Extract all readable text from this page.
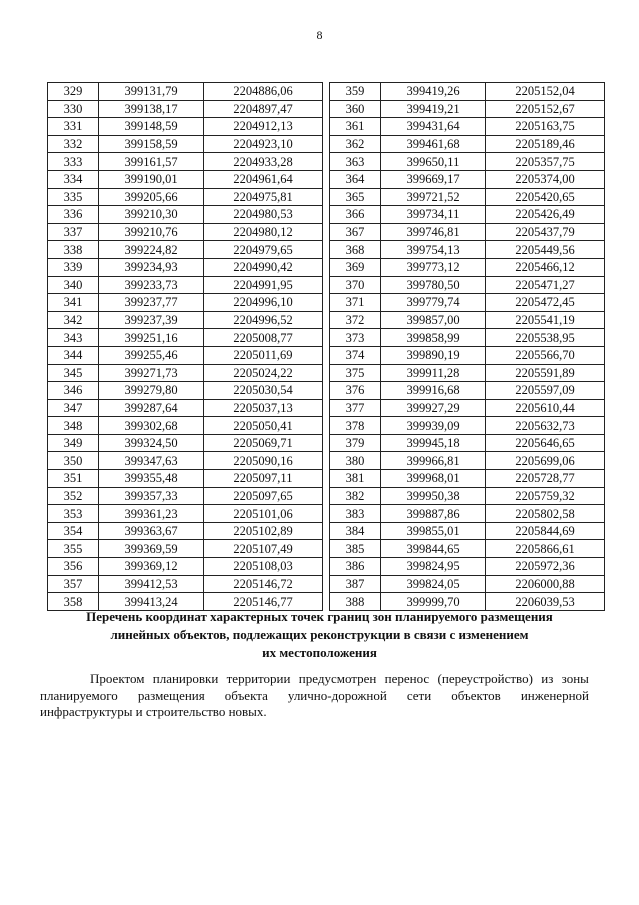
8
329	399131,79	2204886,06
330	399138,17	2204897,47
331	399148,59	2204912,13
332	399158,59	2204923,10
333	399161,57	2204933,28
334	399190,01	2204961,64
335	399205,66	2204975,81
336	399210,30	2204980,53
337	399210,76	2204980,12
338	399224,82	2204979,65
339	399234,93	2204990,42
340	399233,73	2204991,95
341	399237,77	2204996,10
342	399237,39	2204996,52
343	399251,16	2205008,77
344	399255,46	2205011,69
345	399271,73	2205024,22
346	399279,80	2205030,54
347	399287,64	2205037,13
348	399302,68	2205050,41
349	399324,50	2205069,71
350	399347,63	2205090,16
351	399355,48	2205097,11
352	399357,33	2205097,65
353	399361,23	2205101,06
354	399363,67	2205102,89
355	399369,59	2205107,49
356	399369,12	2205108,03
357	399412,53	2205146,72
358	399413,24	2205146,77
359	399419,26	2205152,04
360	399419,21	2205152,67
361	399431,64	2205163,75
362	399461,68	2205189,46
363	399650,11	2205357,75
364	399669,17	2205374,00
365	399721,52	2205420,65
366	399734,11	2205426,49
367	399746,81	2205437,79
368	399754,13	2205449,56
369	399773,12	2205466,12
370	399780,50	2205471,27
371	399779,74	2205472,45
372	399857,00	2205541,19
373	399858,99	2205538,95
374	399890,19	2205566,70
375	399911,28	2205591,89
376	399916,68	2205597,09
377	399927,29	2205610,44
378	399939,09	2205632,73
379	399945,18	2205646,65
380	399966,81	2205699,06
381	399968,01	2205728,77
382	399950,38	2205759,32
383	399887,86	2205802,58
384	399855,01	2205844,69
385	399844,65	2205866,61
386	399824,95	2205972,36
387	399824,05	2206000,88
388	399999,70	2206039,53
Перечень координат характерных точек границ зон планируемого размещения
линейных объектов, подлежащих реконструкции в связи с изменением
их местоположения
Проектом планировки территории предусмотрен перенос (переустройство) из зоны
планируемого размещения объекта улично-дорожной сети объектов инженерной
инфраструктуры и строительство новых.
